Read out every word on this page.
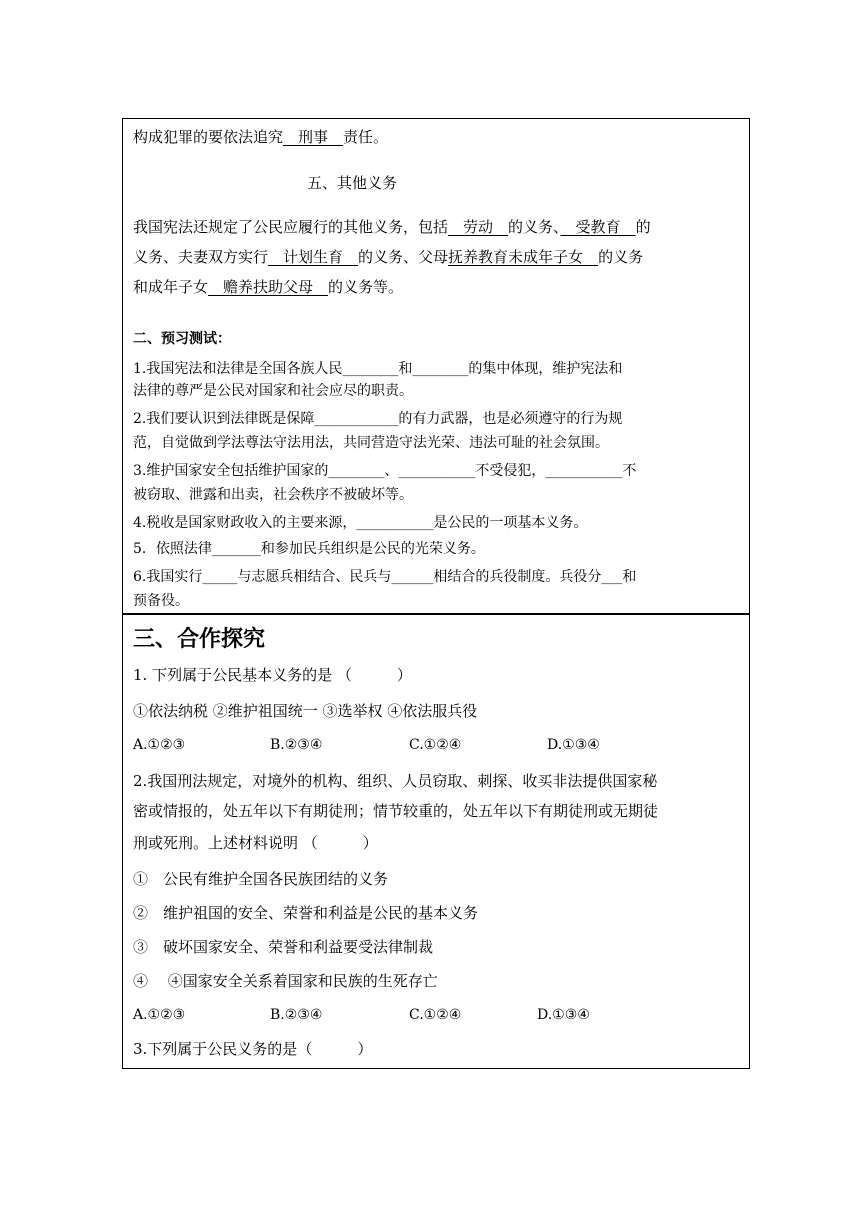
构成犯罪的要依法追究　刑事　责任。
五、其他义务
我国宪法还规定了公民应履行的其他义务，包括　劳动　的义务、　受教育　的
义务、夫妻双方实行　计划生育　的义务、父母抚养教育未成年子女　的义务
和成年子女　赡养扶助父母　的义务等。
二、预习测试：
1.我国宪法和法律是全国各族人民________和________的集中体现，维护宪法和
法律的尊严是公民对国家和社会应尽的职责。
2.我们要认识到法律既是保障____________的有力武器，也是必须遵守的行为规
范，自觉做到学法尊法守法用法，共同营造守法光荣、违法可耻的社会氛围。
3.维护国家安全包括维护国家的________、___________不受侵犯，___________不
被窃取、泄露和出卖，社会秩序不被破坏等。
4.税收是国家财政收入的主要来源，___________是公民的一项基本义务。
5．依照法律_______和参加民兵组织是公民的光荣义务。
6.我国实行_____与志愿兵相结合、民兵与______相结合的兵役制度。兵役分___和
预备役。
三、合作探究
1. 下列属于公民基本义务的是 （　　　）
①依法纳税 ②维护祖国统一 ③选举权 ④依法服兵役
A.①②③	B.②③④	C.①②④	D.①③④
2.我国刑法规定，对境外的机构、组织、人员窃取、刺探、收买非法提供国家秘
密或情报的，处五年以下有期徒刑；情节较重的，处五年以下有期徒刑或无期徒
刑或死刑。上述材料说明 （　　　）
①　公民有维护全国各民族团结的义务
②　维护祖国的安全、荣誉和利益是公民的基本义务
③　破坏国家安全、荣誉和利益要受法律制裁
④　 ④国家安全关系着国家和民族的生死存亡
A.①②③	B.②③④	C.①②④	D.①③④
3.下列属于公民义务的是（　　　）
